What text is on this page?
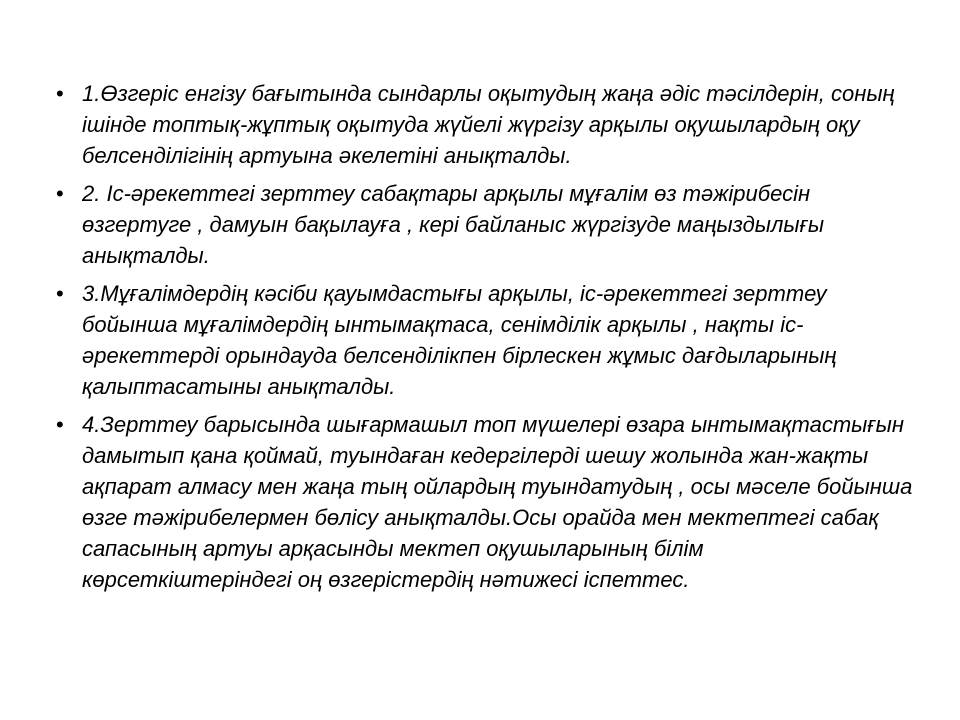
• 1.Өзгеріс енгізу бағытында сындарлы оқытудың жаңа әдіс тәсілдерін, соның ішінде топтық-жұптық оқытуда жүйелі жүргізу арқылы оқушылардың оқу белсенділігінің артуына әкелетіні анықталды.
• 2. Іс-әрекеттегі зерттеу сабақтары арқылы мұғалім өз тәжірибесін өзгертуге , дамуын бақылауға , кері байланыс жүргізуде маңыздылығы анықталды.
• 3.Мұғалімдердің кәсіби қауымдастығы арқылы, іс-әрекеттегі зерттеу бойынша мұғалімдердің ынтымақтаса, сенімділік арқылы , нақты іс- әрекеттерді орындауда белсенділікпен бірлескен жұмыс дағдыларының қалыптасатыны анықталды.
• 4.Зерттеу барысында шығармашыл топ мүшелері өзара ынтымақтастығын дамытып қана қоймай, туындаған кедергілерді шешу жолында жан-жақты ақпарат алмасу мен жаңа тың ойлардың туындатудың , осы мәселе бойынша өзге тәжірибелермен бөлісу анықталды.Осы орайда мен мектептегі сабақ сапасының артуы арқасынды мектеп оқушыларының білім көрсеткіштеріндегі оң өзгерістердің нәтижесі іспеттес.
